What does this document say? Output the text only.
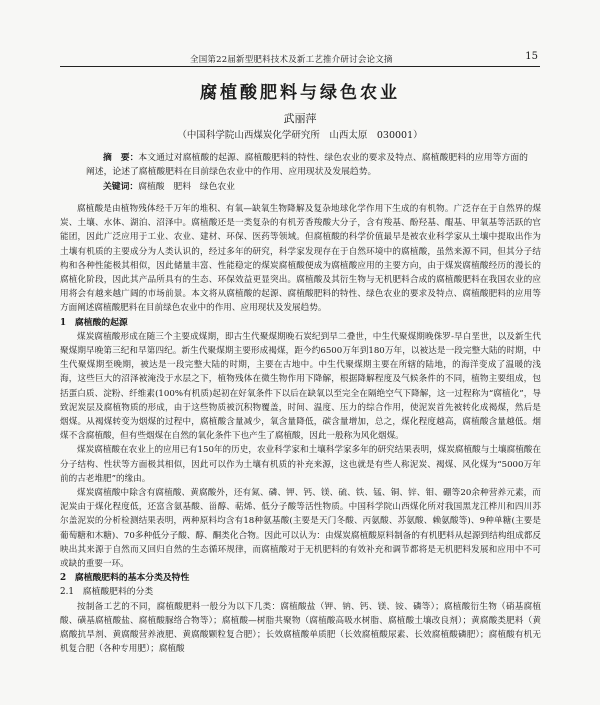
全国第22届新型肥料技术及新工艺推介研讨会论文摘	15
腐植酸肥料与绿色农业
武丽萍
（中国科学院山西煤炭化学研究所　山西太原　030001）
摘　要：本文通过对腐植酸的起源、腐植酸肥料的特性、绿色农业的要求及特点、腐植酸肥料的应用等方面的阐述，论述了腐植酸肥料在目前绿色农业中的作用、应用现状及发展趋势。
关键词：腐植酸　肥料　绿色农业

腐植酸是由植物残体经千万年的堆积、有氧—缺氧生物降解及复杂地球化学作用下生成的有机物。广泛存在于自然界的煤炭、土壤、水体、湖泊、沼泽中。腐植酸还是一类复杂的有机芳香羧酸大分子，含有羧基、酚羟基、醌基、甲氧基等活跃的官能团，因此广泛应用于工业、农业、建材、环保、医药等领域。但腐植酸的科学价值最早是被农业科学家从土壤中提取出作为土壤有机质的主要成分为人类认识的，经过多年的研究，科学家发现存在于自然环境中的腐植酸，虽然来源不同，但其分子结构和各种性能极其相似，因此储量丰富、性能稳定的煤炭腐植酸便成为腐植酸应用的主要方向，由于煤炭腐植酸经历的漫长的腐植化阶段，因此其产品所具有的生态、环保效益更显突出。腐植酸及其衍生物与无机肥料合成的腐植酸肥料在我国农业的应用将会有越来越广阔的市场前景。本文将从腐植酸的起源、腐植酸肥料的特性、绿色农业的要求及特点、腐植酸肥料的应用等方面阐述腐植酸肥料在目前绿色农业中的作用、应用现状及发展趋势。

1　腐植酸的起源

煤炭腐植酸形成在随三个主要成煤期，即古生代聚煤期晚石炭纪到早二叠世，中生代聚煤期晚侏罗-早白垩世，以及新生代聚煤期早晚第三纪和早第四纪。新生代聚煤期主要形成褐煤，距今约6500万年到180万年，以被达是一段完整大陆的时期，中生代聚煤期至晚期，被达是一段完整大陆的时期，主要在古地中。中生代聚煤期主要在所辖的陆地，的海洋变成了温暖的浅海，这些巨大的沼泽被淹没于水层之下，植物残体在微生物作用下降解，根据降解程度及气候条件的不同，植物主要组成，包括蛋白质、淀粉、纤维素(100%有机质)起初在好氧条件下以后在缺氧以至完全在隔绝空气下降解，这一过程称为“腐植化”，导致泥炭层及腐植物质的形成，由于这些物质被沉积物覆盖，时间、温度、压力的综合作用，使泥炭首先被转化成褐煤，然后是烟煤。从褐煤转变为烟煤的过程中，腐植酸含量减少，氧含量降低，碳含量增加，总之，煤化程度越高，腐植酸含量越低。烟煤不含腐植酸，但有些烟煤在自然的氧化条件下也产生了腐植酸，因此一般称为风化烟煤。

煤炭腐植酸在农业上的应用已有150年的历史，农业科学家和土壤科学家多年的研究结果表明，煤炭腐植酸与土壤腐植酸在分子结构、性状等方面极其相似，因此可以作为土壤有机质的补充来源，这也就是有些人称泥炭、褐煤、风化煤为“5000万年前的古老堆肥”的缘由。

煤炭腐植酸中除含有腐植酸、黄腐酸外，还有氮、磷、钾、钙、镁、硫、铁、锰、铜、锌、钼、硼等20余种营养元素，而泥炭由于煤化程度低，还富含氨基酸、甾醇、萜烯、低分子酸等活性物质。中国科学院山西煤化所对我国黑龙江桦川和四川苏尔盖泥炭的分析检测结果表明，两种原料均含有18种氨基酸(主要是天门冬酸、丙氨酸、苏氨酸、赖氨酸等)、9种单糖(主要是葡萄糖和木糖)、70多种低分子酸、醇、酮类化合物。因此可以认为：由煤炭腐植酸原料制备的有机肥料从起源到结构组成都反映出其来源于自然而又回归自然的生态循环规律，而腐植酸对于无机肥料的有效补充和调节都将是无机肥料发展和应用中不可或缺的重要一环。

2　腐植酸肥料的基本分类及特性
2.1　腐植酸肥料的分类

按制备工艺的不同，腐植酸肥料一般分为以下几类：腐植酸盐（钾、钠、钙、镁、铵、磷等）；腐植酸衍生物（硝基腐植酸、磺基腐植酸盐、腐植酸脲络合物等）；腐植酸—树脂共聚物（腐植酸高吸水树脂、腐植酸土壤改良剂）；黄腐酸类肥料（黄腐酸抗旱剂、黄腐酸营养液肥、黄腐酸颗粒复合肥）；长效腐植酸单质肥（长效腐植酸尿素、长效腐植酸磷肥）；腐植酸有机无机复合肥（各种专用肥）；腐植酸
